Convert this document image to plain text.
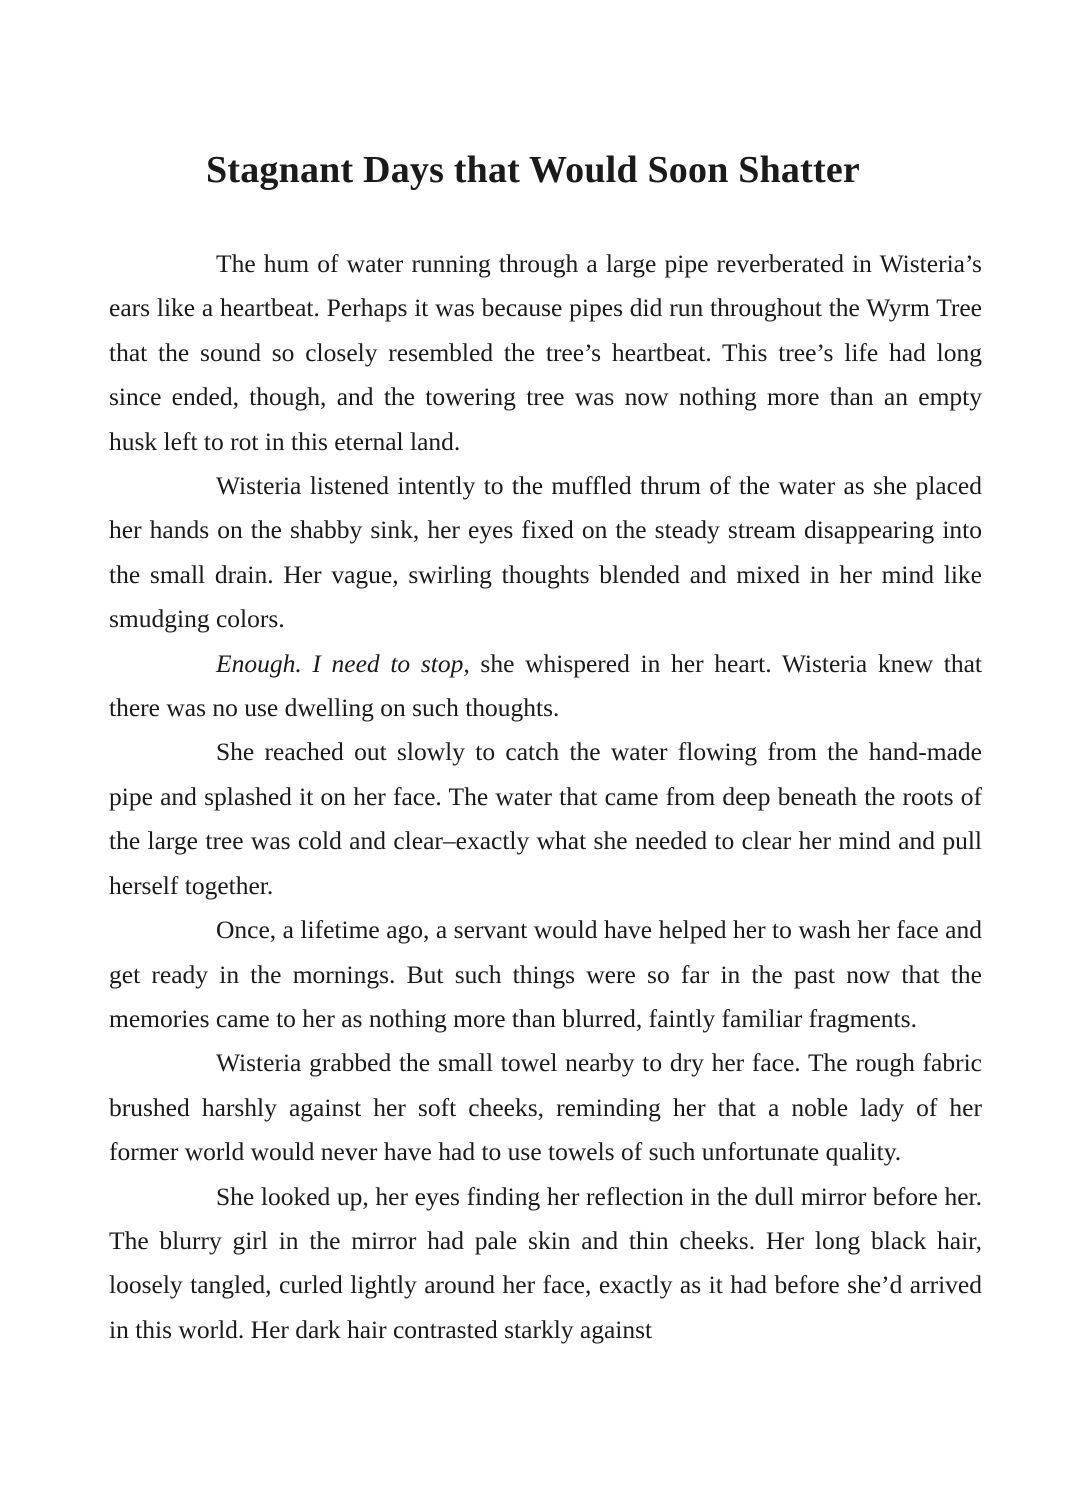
Stagnant Days that Would Soon Shatter

The hum of water running through a large pipe reverberated in Wisteria’s ears like a heartbeat. Perhaps it was because pipes did run throughout the Wyrm Tree that the sound so closely resembled the tree’s heartbeat. This tree’s life had long since ended, though, and the towering tree was now nothing more than an empty husk left to rot in this eternal land.

Wisteria listened intently to the muffled thrum of the water as she placed her hands on the shabby sink, her eyes fixed on the steady stream disappearing into the small drain. Her vague, swirling thoughts blended and mixed in her mind like smudging colors.

Enough. I need to stop, she whispered in her heart. Wisteria knew that there was no use dwelling on such thoughts.

She reached out slowly to catch the water flowing from the hand-made pipe and splashed it on her face. The water that came from deep beneath the roots of the large tree was cold and clear–exactly what she needed to clear her mind and pull herself together.

Once, a lifetime ago, a servant would have helped her to wash her face and get ready in the mornings. But such things were so far in the past now that the memories came to her as nothing more than blurred, faintly familiar fragments.

Wisteria grabbed the small towel nearby to dry her face. The rough fabric brushed harshly against her soft cheeks, reminding her that a noble lady of her former world would never have had to use towels of such unfortunate quality.

She looked up, her eyes finding her reflection in the dull mirror before her. The blurry girl in the mirror had pale skin and thin cheeks. Her long black hair, loosely tangled, curled lightly around her face, exactly as it had before she’d arrived in this world. Her dark hair contrasted starkly against
